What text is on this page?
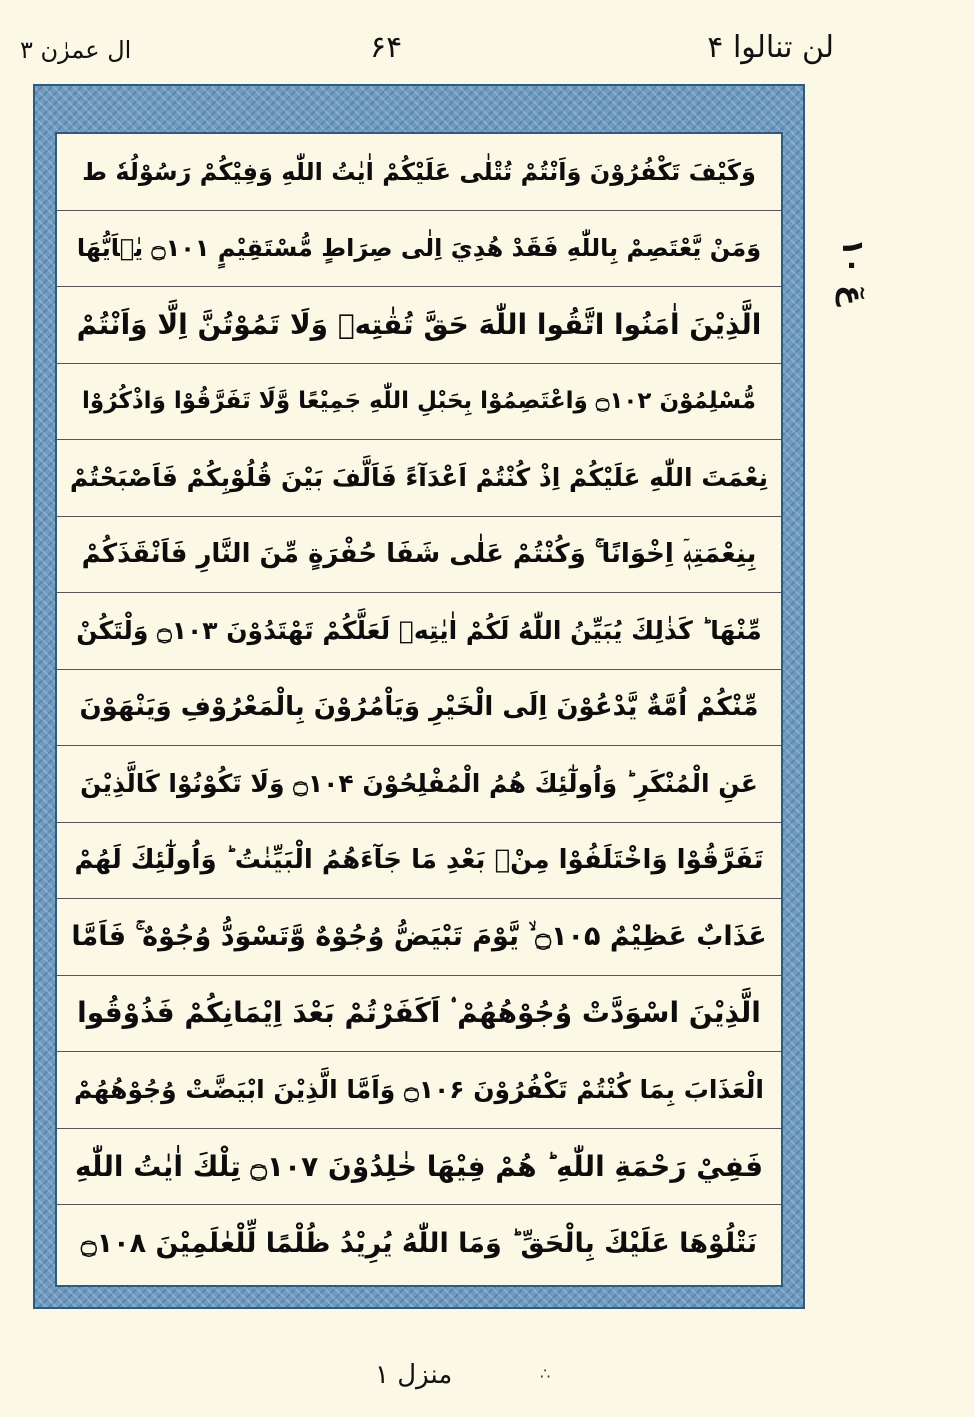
لن تنالوا ۴
۶۴
ال عمرٰن ۳
عٓ ۱۰
وَكَيْفَ تَكْفُرُوْنَ وَاَنْتُمْ تُتْلٰى عَلَيْكُمْ اٰيٰتُ اللّٰهِ وَفِيْكُمْ رَسُوْلُهٗ ط
وَمَنْ يَّعْتَصِمْ بِاللّٰهِ فَقَدْ هُدِيَ اِلٰى صِرَاطٍ مُّسْتَقِيْمٍ ۝۱۰۱ يٰۤاَيُّهَا
الَّذِيْنَ اٰمَنُوا اتَّقُوا اللّٰهَ حَقَّ تُقٰتِهٖ وَلَا تَمُوْتُنَّ اِلَّا وَاَنْتُمْ
مُّسْلِمُوْنَ ۝۱۰۲ وَاعْتَصِمُوْا بِحَبْلِ اللّٰهِ جَمِيْعًا وَّلَا تَفَرَّقُوْا وَاذْكُرُوْا
نِعْمَتَ اللّٰهِ عَلَيْكُمْ اِذْ كُنْتُمْ اَعْدَآءً فَاَلَّفَ بَيْنَ قُلُوْبِكُمْ فَاَصْبَحْتُمْ
بِنِعْمَتِهٖۤ اِخْوَانًا ۚ وَكُنْتُمْ عَلٰى شَفَا حُفْرَةٍ مِّنَ النَّارِ فَاَنْقَذَكُمْ
مِّنْهَا ؕ كَذٰلِكَ يُبَيِّنُ اللّٰهُ لَكُمْ اٰيٰتِهٖ لَعَلَّكُمْ تَهْتَدُوْنَ ۝۱۰۳ وَلْتَكُنْ
مِّنْكُمْ اُمَّةٌ يَّدْعُوْنَ اِلَى الْخَيْرِ وَيَاْمُرُوْنَ بِالْمَعْرُوْفِ وَيَنْهَوْنَ
عَنِ الْمُنْكَرِ ؕ وَاُولٰٓئِكَ هُمُ الْمُفْلِحُوْنَ ۝۱۰۴ وَلَا تَكُوْنُوْا كَالَّذِيْنَ
تَفَرَّقُوْا وَاخْتَلَفُوْا مِنْۢ بَعْدِ مَا جَآءَهُمُ الْبَيِّنٰتُ ؕ وَاُولٰٓئِكَ لَهُمْ
عَذَابٌ عَظِيْمٌ ۝۱۰۵ ۙ يَّوْمَ تَبْيَضُّ وُجُوْهٌ وَّتَسْوَدُّ وُجُوْهٌ ۚ فَاَمَّا
الَّذِيْنَ اسْوَدَّتْ وُجُوْهُهُمْ ۟ اَكَفَرْتُمْ بَعْدَ اِيْمَانِكُمْ فَذُوْقُوا
الْعَذَابَ بِمَا كُنْتُمْ تَكْفُرُوْنَ ۝۱۰۶ وَاَمَّا الَّذِيْنَ ابْيَضَّتْ وُجُوْهُهُمْ
فَفِيْ رَحْمَةِ اللّٰهِ ؕ هُمْ فِيْهَا خٰلِدُوْنَ ۝۱۰۷ تِلْكَ اٰيٰتُ اللّٰهِ
نَتْلُوْهَا عَلَيْكَ بِالْحَقِّ ؕ وَمَا اللّٰهُ يُرِيْدُ ظُلْمًا لِّلْعٰلَمِيْنَ ۝۱۰۸
منزل ۱	∴
